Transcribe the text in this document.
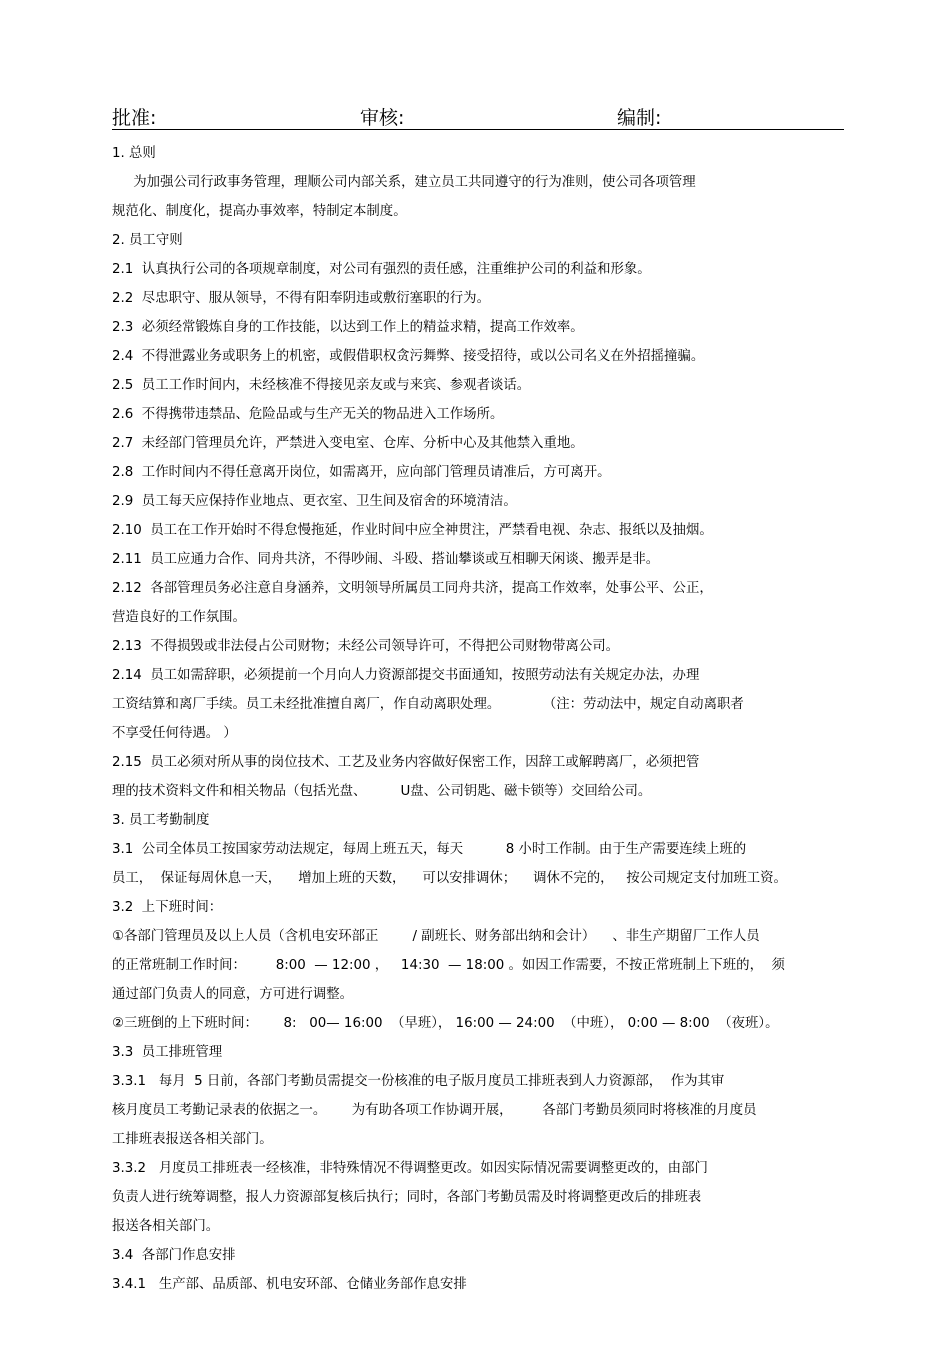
批准:	审核:	编制:
1. 总则
为加强公司行政事务管理，理顺公司内部关系，建立员工共同遵守的行为准则，使公司各项管理
规范化、制度化，提高办事效率，特制定本制度。
2. 员工守则
2.1  认真执行公司的各项规章制度，对公司有强烈的责任感，注重维护公司的利益和形象。
2.2  尽忠职守、服从领导，不得有阳奉阴违或敷衍塞职的行为。
2.3  必须经常锻炼自身的工作技能，以达到工作上的精益求精，提高工作效率。
2.4  不得泄露业务或职务上的机密，或假借职权贪污舞弊、接受招待，或以公司名义在外招摇撞骗。
2.5  员工工作时间内，未经核准不得接见亲友或与来宾、参观者谈话。
2.6  不得携带违禁品、危险品或与生产无关的物品进入工作场所。
2.7  未经部门管理员允许，严禁进入变电室、仓库、分析中心及其他禁入重地。
2.8  工作时间内不得任意离开岗位，如需离开，应向部门管理员请准后，方可离开。
2.9  员工每天应保持作业地点、更衣室、卫生间及宿舍的环境清洁。
2.10  员工在工作开始时不得怠慢拖延，作业时间中应全神贯注，严禁看电视、杂志、报纸以及抽烟。
2.11  员工应通力合作、同舟共济，不得吵闹、斗殴、搭讪攀谈或互相聊天闲谈、搬弄是非。
2.12  各部管理员务必注意自身涵养，文明领导所属员工同舟共济，提高工作效率，处事公平、公正，
营造良好的工作氛围。
2.13  不得损毁或非法侵占公司财物；未经公司领导许可，不得把公司财物带离公司。
2.14  员工如需辞职，必须提前一个月向人力资源部提交书面通知，按照劳动法有关规定办法，办理
工资结算和离厂手续。员工未经批准擅自离厂，作自动离职处理。          （注：劳动法中，规定自动离职者
不享受任何待遇。 ）
2.15  员工必须对所从事的岗位技术、工艺及业务内容做好保密工作，因辞工或解聘离厂，必须把管
理的技术资料文件和相关物品（包括光盘、        U盘、公司钥匙、磁卡锁等）交回给公司。
3. 员工考勤制度
3.1  公司全体员工按国家劳动法规定，每周上班五天，每天          8 小时工作制。由于生产需要连续上班的
员工，  保证每周休息一天，    增加上班的天数，    可以安排调休；    调休不完的，   按公司规定支付加班工资。
3.2  上下班时间：
①各部门管理员及以上人员（含机电安环部正        / 副班长、财务部出纳和会计）    、非生产期留厂工作人员
的正常班制工作时间：       8:00  — 12:00 ，   14:30  — 18:00 。如因工作需要，不按正常班制上下班的，  须
通过部门负责人的同意，方可进行调整。
②三班倒的上下班时间：      8:   00— 16:00  （早班）， 16:00 — 24:00  （中班）， 0:00 — 8:00  （夜班）。
3.3  员工排班管理
3.3.1   每月  5 日前，各部门考勤员需提交一份核准的电子版月度员工排班表到人力资源部，  作为其审
核月度员工考勤记录表的依据之一。      为有助各项工作协调开展，       各部门考勤员须同时将核准的月度员
工排班表报送各相关部门。
3.3.2   月度员工排班表一经核准，非特殊情况不得调整更改。如因实际情况需要调整更改的，由部门
负责人进行统筹调整，报人力资源部复核后执行；同时，各部门考勤员需及时将调整更改后的排班表
报送各相关部门。
3.4  各部门作息安排
3.4.1   生产部、品质部、机电安环部、仓储业务部作息安排
